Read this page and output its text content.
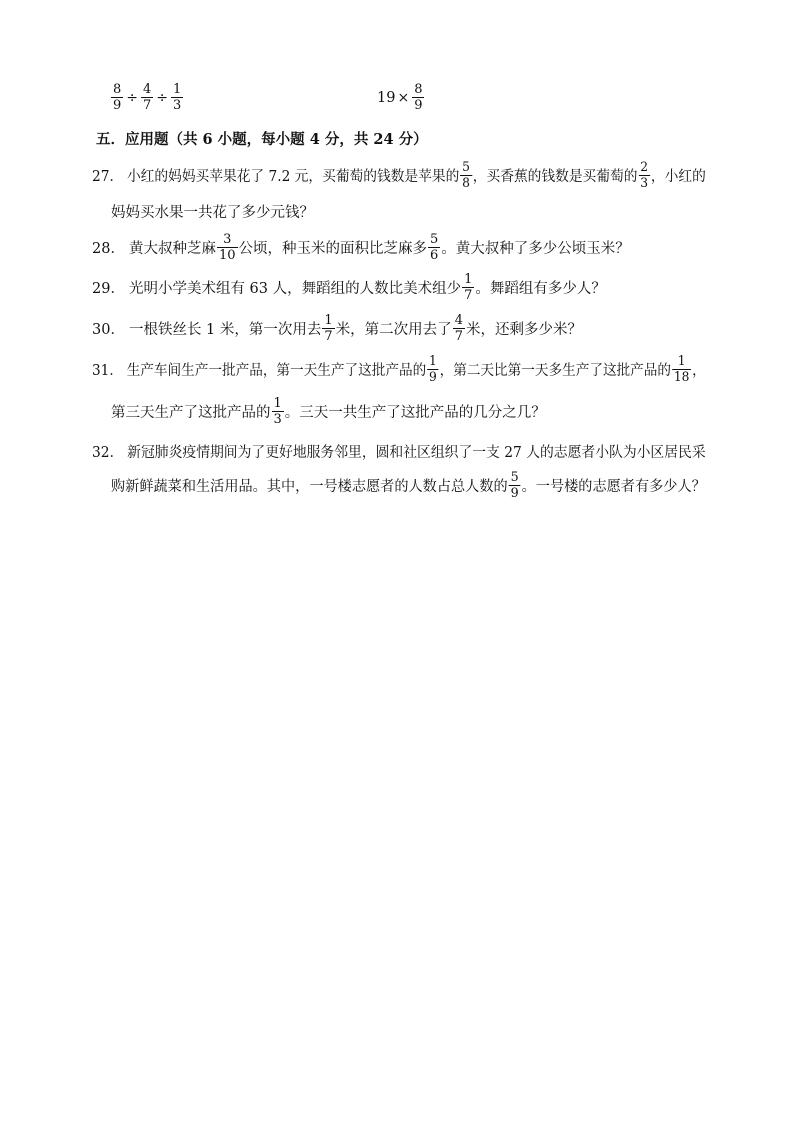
$\frac{8}{9} \div \frac{4}{7} \div \frac{1}{3}$	$19 \times \frac{8}{9}$
五．应用题（共 6 小题，每小题 4 分，共 24 分）
27． 小红的妈妈买苹果花了 7.2 元，买葡萄的钱数是苹果的 $\frac{5}{8}$ ，买香蕉的钱数是买葡萄的 $\frac{2}{3}$ ，小红的
妈妈买水果一共花了多少元钱？
28． 黄大叔种芝麻 $\frac{3}{10}$ 公顷，种玉米的面积比芝麻多 $\frac{5}{6}$ 。黄大叔种了多少公顷玉米？
29． 光明小学美术组有 63 人，舞蹈组的人数比美术组少 $\frac{1}{7}$ 。舞蹈组有多少人？
30． 一根铁丝长 1 米，第一次用去 $\frac{1}{7}$ 米，第二次用去了 $\frac{4}{7}$ 米，还剩多少米？
31． 生产车间生产一批产品，第一天生产了这批产品的 $\frac{1}{9}$ ，第二天比第一天多生产了这批产品的 $\frac{1}{18}$ ，
第三天生产了这批产品的 $\frac{1}{3}$ 。三天一共生产了这批产品的几分之几？
32． 新冠肺炎疫情期间为了更好地服务邻里，圆和社区组织了一支 27 人的志愿者小队为小区居民采
购新鲜蔬菜和生活用品。其中，一号楼志愿者的人数占总人数的 $\frac{5}{9}$ 。一号楼的志愿者有多少人？
